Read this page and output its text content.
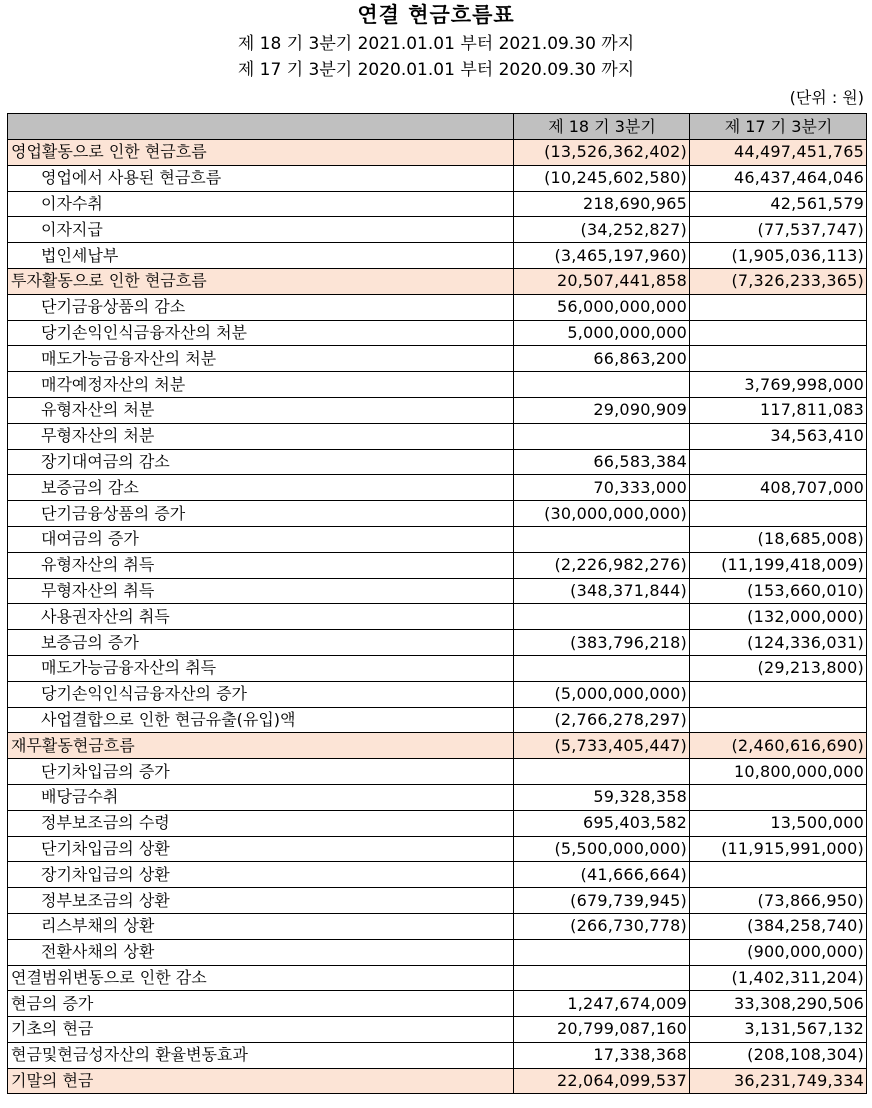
연결 현금흐름표
제 18 기 3분기 2021.01.01 부터 2021.09.30 까지
제 17 기 3분기 2020.01.01 부터 2020.09.30 까지
(단위 : 원)
	제 18 기 3분기	제 17 기 3분기
영업활동으로 인한 현금흐름	(13,526,362,402)	44,497,451,765
영업에서 사용된 현금흐름	(10,245,602,580)	46,437,464,046
이자수취	218,690,965	42,561,579
이자지급	(34,252,827)	(77,537,747)
법인세납부	(3,465,197,960)	(1,905,036,113)
투자활동으로 인한 현금흐름	20,507,441,858	(7,326,233,365)
단기금융상품의 감소	56,000,000,000	
당기손익인식금융자산의 처분	5,000,000,000	
매도가능금융자산의 처분	66,863,200	
매각예정자산의 처분		3,769,998,000
유형자산의 처분	29,090,909	117,811,083
무형자산의 처분		34,563,410
장기대여금의 감소	66,583,384	
보증금의 감소	70,333,000	408,707,000
단기금융상품의 증가	(30,000,000,000)	
대여금의 증가		(18,685,008)
유형자산의 취득	(2,226,982,276)	(11,199,418,009)
무형자산의 취득	(348,371,844)	(153,660,010)
사용권자산의 취득		(132,000,000)
보증금의 증가	(383,796,218)	(124,336,031)
매도가능금융자산의 취득		(29,213,800)
당기손익인식금융자산의 증가	(5,000,000,000)	
사업결합으로 인한 현금유출(유입)액	(2,766,278,297)	
재무활동현금흐름	(5,733,405,447)	(2,460,616,690)
단기차입금의 증가		10,800,000,000
배당금수취	59,328,358	
정부보조금의 수령	695,403,582	13,500,000
단기차입금의 상환	(5,500,000,000)	(11,915,991,000)
장기차입금의 상환	(41,666,664)	
정부보조금의 상환	(679,739,945)	(73,866,950)
리스부채의 상환	(266,730,778)	(384,258,740)
전환사채의 상환		(900,000,000)
연결범위변동으로 인한 감소		(1,402,311,204)
현금의 증가	1,247,674,009	33,308,290,506
기초의 현금	20,799,087,160	3,131,567,132
현금및현금성자산의 환율변동효과	17,338,368	(208,108,304)
기말의 현금	22,064,099,537	36,231,749,334
